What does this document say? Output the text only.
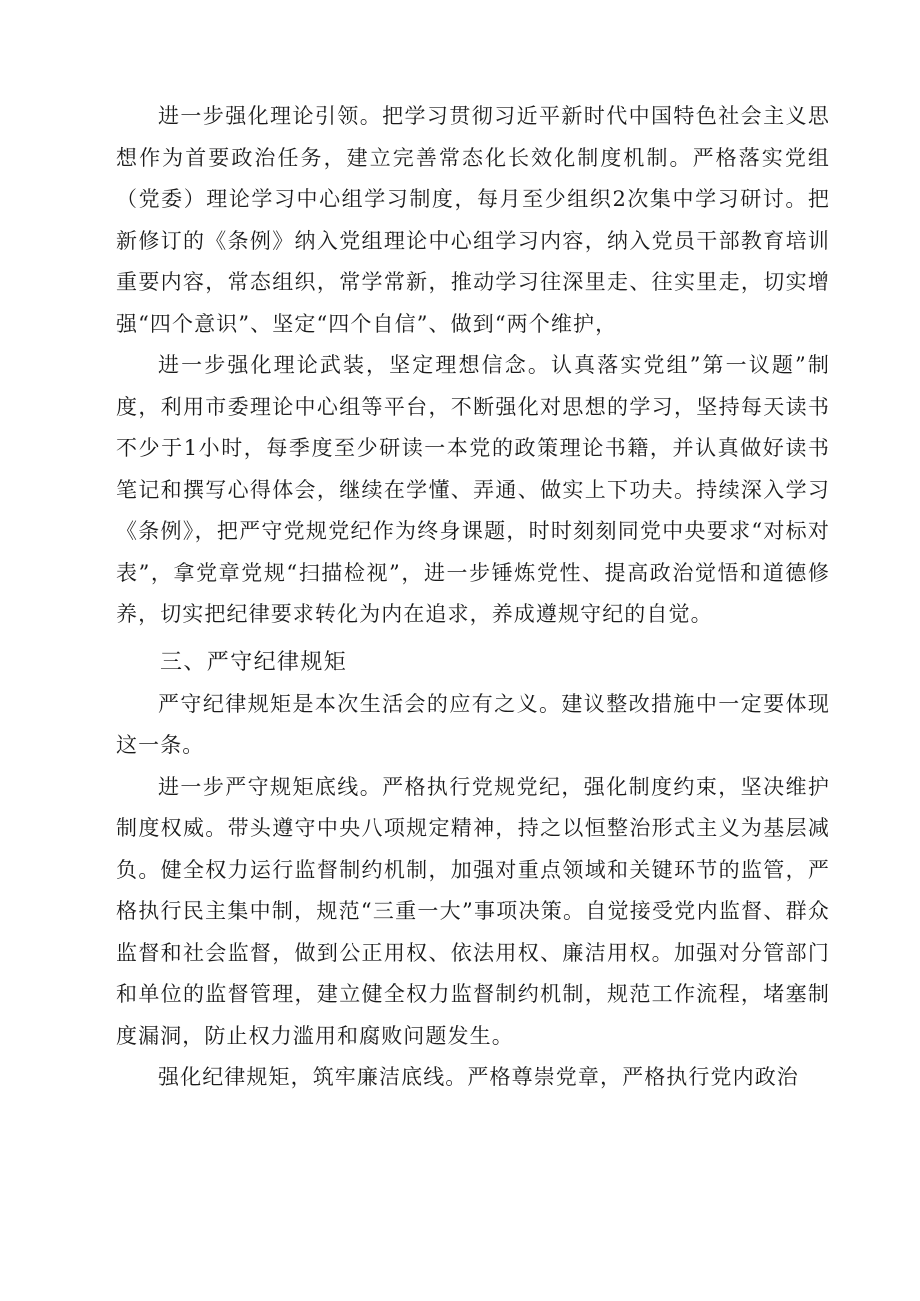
进一步强化理论引领。把学习贯彻习近平新时代中国特色社会主义思想作为首要政治任务，建立完善常态化长效化制度机制。严格落实党组（党委）理论学习中心组学习制度，每月至少组织2次集中学习研讨。把新修订的《条例》纳入党组理论中心组学习内容，纳入党员干部教育培训重要内容，常态组织，常学常新，推动学习往深里走、往实里走，切实增强“四个意识”、坚定“四个自信”、做到“两个维护，

进一步强化理论武装，坚定理想信念。认真落实党组”第一议题”制度，利用市委理论中心组等平台，不断强化对思想的学习，坚持每天读书不少于1小时，每季度至少研读一本党的政策理论书籍，并认真做好读书笔记和撰写心得体会，继续在学懂、弄通、做实上下功夫。持续深入学习《条例》，把严守党规党纪作为终身课题，时时刻刻同党中央要求“对标对表”，拿党章党规“扫描检视”，进一步锤炼党性、提高政治觉悟和道德修养，切实把纪律要求转化为内在追求，养成遵规守纪的自觉。

三、严守纪律规矩

严守纪律规矩是本次生活会的应有之义。建议整改措施中一定要体现这一条。

进一步严守规矩底线。严格执行党规党纪，强化制度约束，坚决维护制度权威。带头遵守中央八项规定精神，持之以恒整治形式主义为基层减负。健全权力运行监督制约机制，加强对重点领域和关键环节的监管，严格执行民主集中制，规范“三重一大”事项决策。自觉接受党内监督、群众监督和社会监督，做到公正用权、依法用权、廉洁用权。加强对分管部门和单位的监督管理，建立健全权力监督制约机制，规范工作流程，堵塞制度漏洞，防止权力滥用和腐败问题发生。

强化纪律规矩，筑牢廉洁底线。严格尊崇党章，严格执行党内政治
